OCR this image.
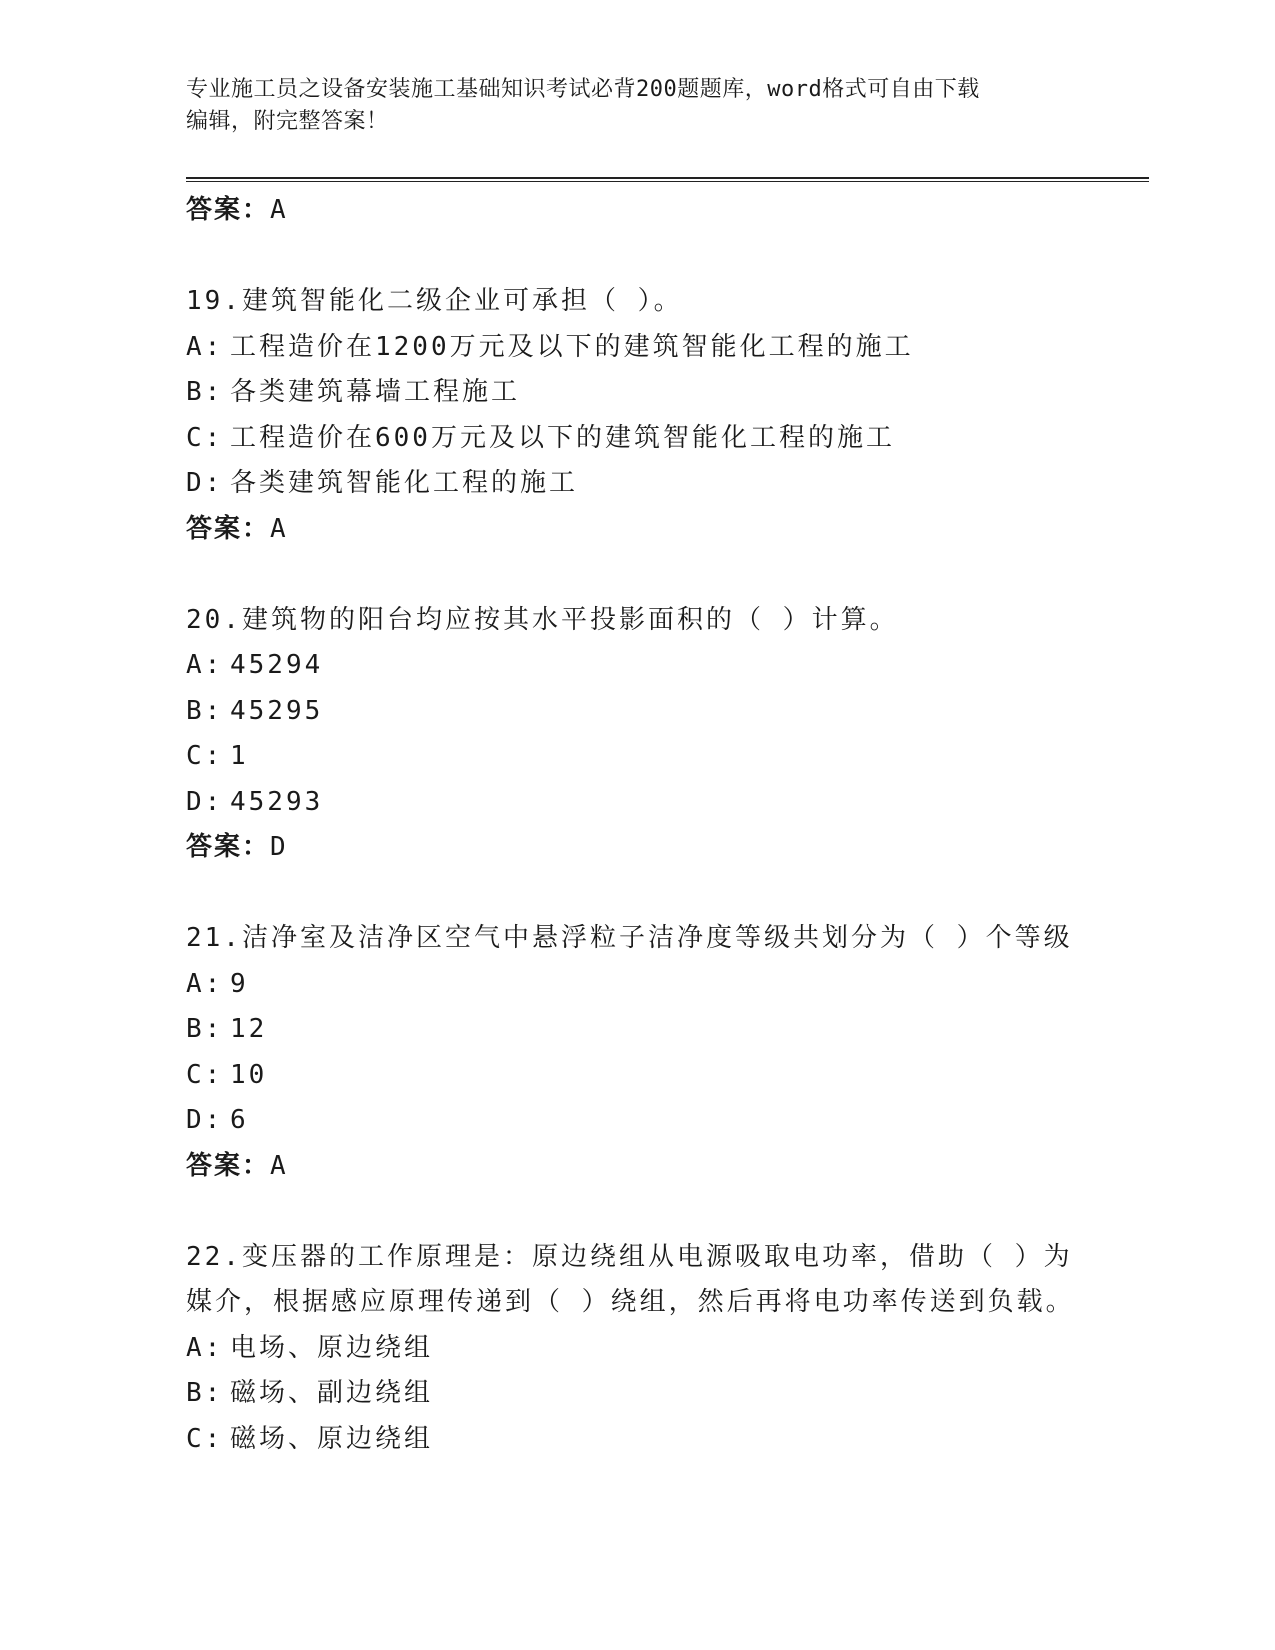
专业施工员之设备安装施工基础知识考试必背200题题库，word格式可自由下载
编辑，附完整答案！
答案：A
19.建筑智能化二级企业可承担（ ）。
A: 工程造价在1200万元及以下的建筑智能化工程的施工
B: 各类建筑幕墙工程施工
C: 工程造价在600万元及以下的建筑智能化工程的施工
D: 各类建筑智能化工程的施工
答案：A
20.建筑物的阳台均应按其水平投影面积的（ ）计算。
A: 45294
B: 45295
C: 1
D: 45293
答案：D
21.洁净室及洁净区空气中悬浮粒子洁净度等级共划分为（ ）个等级
A: 9
B: 12
C: 10
D: 6
答案：A
22.变压器的工作原理是：原边绕组从电源吸取电功率，借助（ ）为
媒介，根据感应原理传递到（ ）绕组，然后再将电功率传送到负载。
A: 电场、原边绕组
B: 磁场、副边绕组
C: 磁场、原边绕组
